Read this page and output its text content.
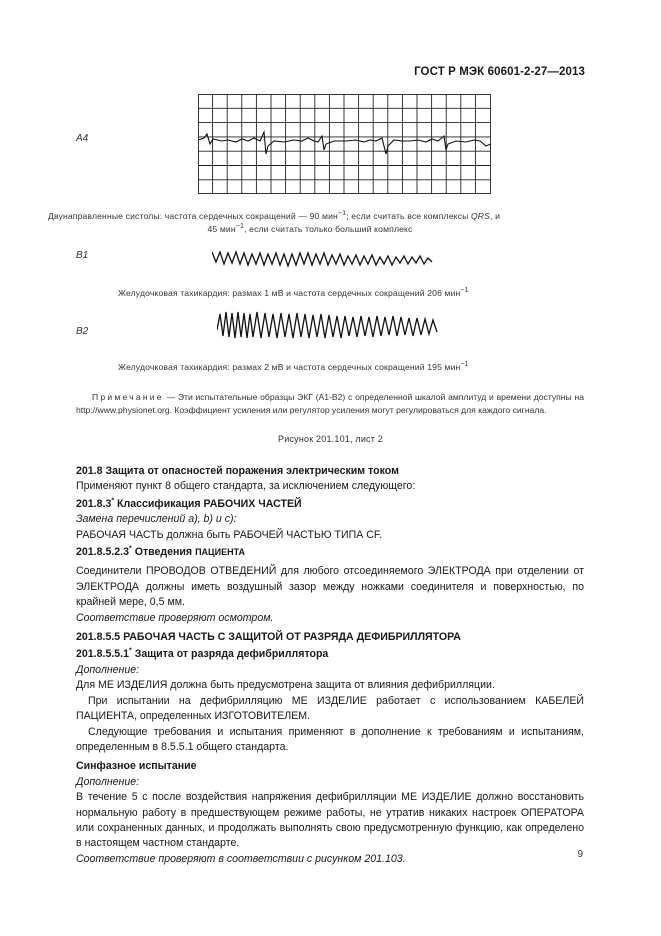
ГОСТ Р МЭК 60601-2-27—2013
A4
Двунаправленные систолы: частота сердечных сокращений — 90 мин$^{-1}$; если считать все комплексы QRS, и
45 мин$^{-1}$, если считать только больший комплекс
B1
Желудочковая тахикардия: размах 1 мВ и частота сердечных сокращений 206 мин$^{-1}$
B2
Желудочковая тахикардия: размах 2 мВ и частота сердечных сокращений 195 мин$^{-1}$
Примечание — Эти испытательные образцы ЭКГ (А1-В2) с определенной шкалой амплитуд и времени доступны на http://www.physionet.org. Коэффициент усиления или регулятор усиления могут регулироваться для каждого сигнала.
Рисунок 201.101, лист 2

201.8 Защита от опасностей поражения электрическим током

Применяют пункт 8 общего стандарта, за исключением следующего:

201.8.3* Классификация РАБОЧИХ ЧАСТЕЙ

Замена перечислений a), b) и c):

РАБОЧАЯ ЧАСТЬ должна быть РАБОЧЕЙ ЧАСТЬЮ ТИПА CF.

201.8.5.2.3* Отведения ПАЦИЕНТА

Соединители ПРОВОДОВ ОТВЕДЕНИЙ для любого отсоединяемого ЭЛЕКТРОДА при отделении от ЭЛЕКТРОДА должны иметь воздушный зазор между ножками соединителя и поверхностью, по крайней мере, 0,5 мм.

Соответствие проверяют осмотром.

201.8.5.5 РАБОЧАЯ ЧАСТЬ С ЗАЩИТОЙ ОТ РАЗРЯДА ДЕФИБРИЛЛЯТОРА

201.8.5.5.1* Защита от разряда дефибриллятора

Дополнение:

Для МЕ ИЗДЕЛИЯ должна быть предусмотрена защита от влияния дефибрилляции.

При испытании на дефибрилляцию МЕ ИЗДЕЛИЕ работает с использованием КАБЕЛЕЙ ПАЦИЕНТА, определенных ИЗГОТОВИТЕЛЕМ.

Следующие требования и испытания применяют в дополнение к требованиям и испытаниям, определенным в 8.5.5.1 общего стандарта.

Синфазное испытание

Дополнение:

В течение 5 с после воздействия напряжения дефибрилляции МЕ ИЗДЕЛИЕ должно восстановить нормальную работу в предшествующем режиме работы, не утратив никаких настроек ОПЕРАТОРА или сохраненных данных, и продолжать выполнять свою предусмотренную функцию, как определено в настоящем частном стандарте.

Соответствие проверяют в соответствии с рисунком 201.103.	9
